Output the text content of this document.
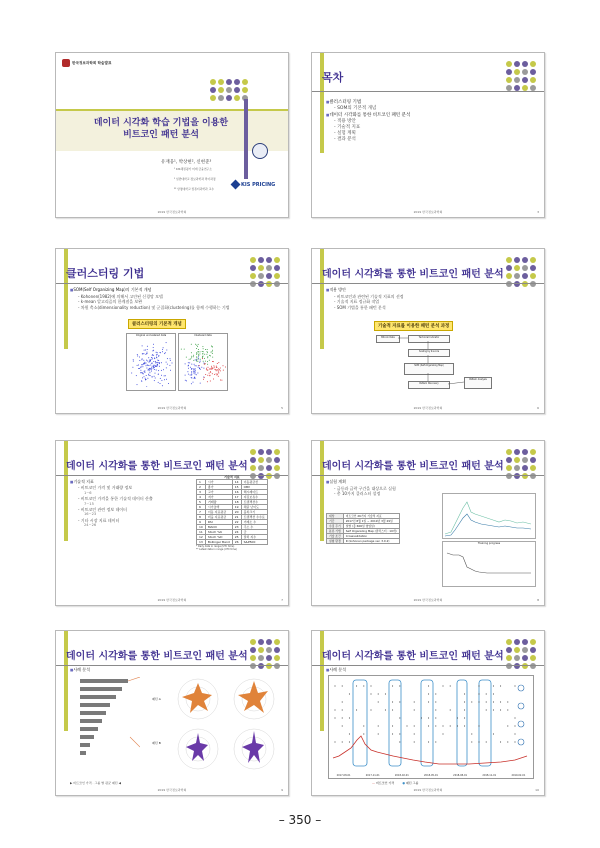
한국정보과학회 학술발표
데이터 시각화 학습 기법을 이용한
비트코인 패턴 분석
유재웅¹, 박상현², 신현준³
¹ KIS채권평가 미래 금융연구소
² 일반대학교 정보과학과 박사과정
³³ 상명대학교 컴퓨터과학과 교수
KIS PRICING
2019 한국정보과학회
목차
■ 클러스터링 기법
- SOM의 기본적 개념
■ 데이터 시각화를 통한 비트코인 패턴 분석
- 적용 방안
- 기술적 지표
- 실험 계획
- 결과 분석
2019 한국정보과학회	3
클러스터링 기법
■ SOM(Self Organizing Map)의 기본적 개념
- Kohonen(1982)에 의해서 고안된 신경망 모델
- k-mean 알고리즘의 한계점을 보완
- 차원 축소(dimensionality reduction) 및 군집화(clustering)를 함께 수행하는 기법
클러스터링의 기본적 개념
Original unclustered data	Clustered data
2019 한국정보과학회	5
데이터 시각화를 통한 비트코인 패턴 분석
■ 적용 방안
- 비트코인과 관련된 기술적 지표의 선정
- 기술적 지표 정규화 작업
- SOM 기법을 통한 패턴 분석
기술적 자료를 이용한 패턴 분석 과정
Bitcoin Data	Technical Indicator
Scaling by Z-score
SOM (Self-Organizing Map)
Pattern Discovery
Pattern Analysis
2019 한국정보과학회	6
데이터 시각화를 통한 비트코인 패턴 분석
■ 기술적 지표
- 비트코인 가격 및 거래량 정보
1~6
- 비트코인 가격을 통한 기술적 데이터 산출
7~15
- 비트코인 관련 정보 데이터
16~23
- 기타 시장 지표 데이터
24~26
기술적 지표
1	시가	14	이동평균선
2	종가	15	OBV
3	고가	16	해시레이트
4	저가	17	지갑보유수
5	거래량	18	트랜잭션수
6	시가총액	19	채굴 난이도
7	이동 지표평균	20	블록크기
8	비율 지표평균	21	트랜잭션 수수료
9	RSI	22	거래소 수
10	MACD	23	주소 수
11	Stoch %K	24	금
12	Stoch %D	25	달러 지수
13	Bollinger Band	26	S&P500
* Daily data in range (UTC time)
** Latest data in range (UTC time)
2019 한국정보과학회	7
데이터 시각화를 통한 비트코인 패턴 분석
■ 실험 계획
- 급등과 급락 구간을 대상으로 실험
- 총 10가지 클러스터 설정
대상	비트코인 26가지 기술적 지표
기간	2017년 8월 1일 ~ 2019년 3월 29일
수집 주기	일별 (총 606일 영업일)
분류 기법	Self Organizing Map (클러스터 : 10개)
기술 조건	Crossvalidation
실험 환경	R (kohonen package ver. 3.0.2)
Training progress
2019 한국정보과학회	8
데이터 시각화를 통한 비트코인 패턴 분석
■ 사례 분석
패턴 A
패턴 B
▶ 비트코인 가격 · 그룹 별 평균 패턴 ◀
2019 한국정보과학회	9
데이터 시각화를 통한 비트코인 패턴 분석
■ 사례 분석
2017-08-01	2017-11-01	2018-02-01	2018-05-01	2018-08-01	2018-11-01	2019-02-01
— 비트코인 가격	● 패턴 그룹
2019 한국정보과학회	10
– 350 –
